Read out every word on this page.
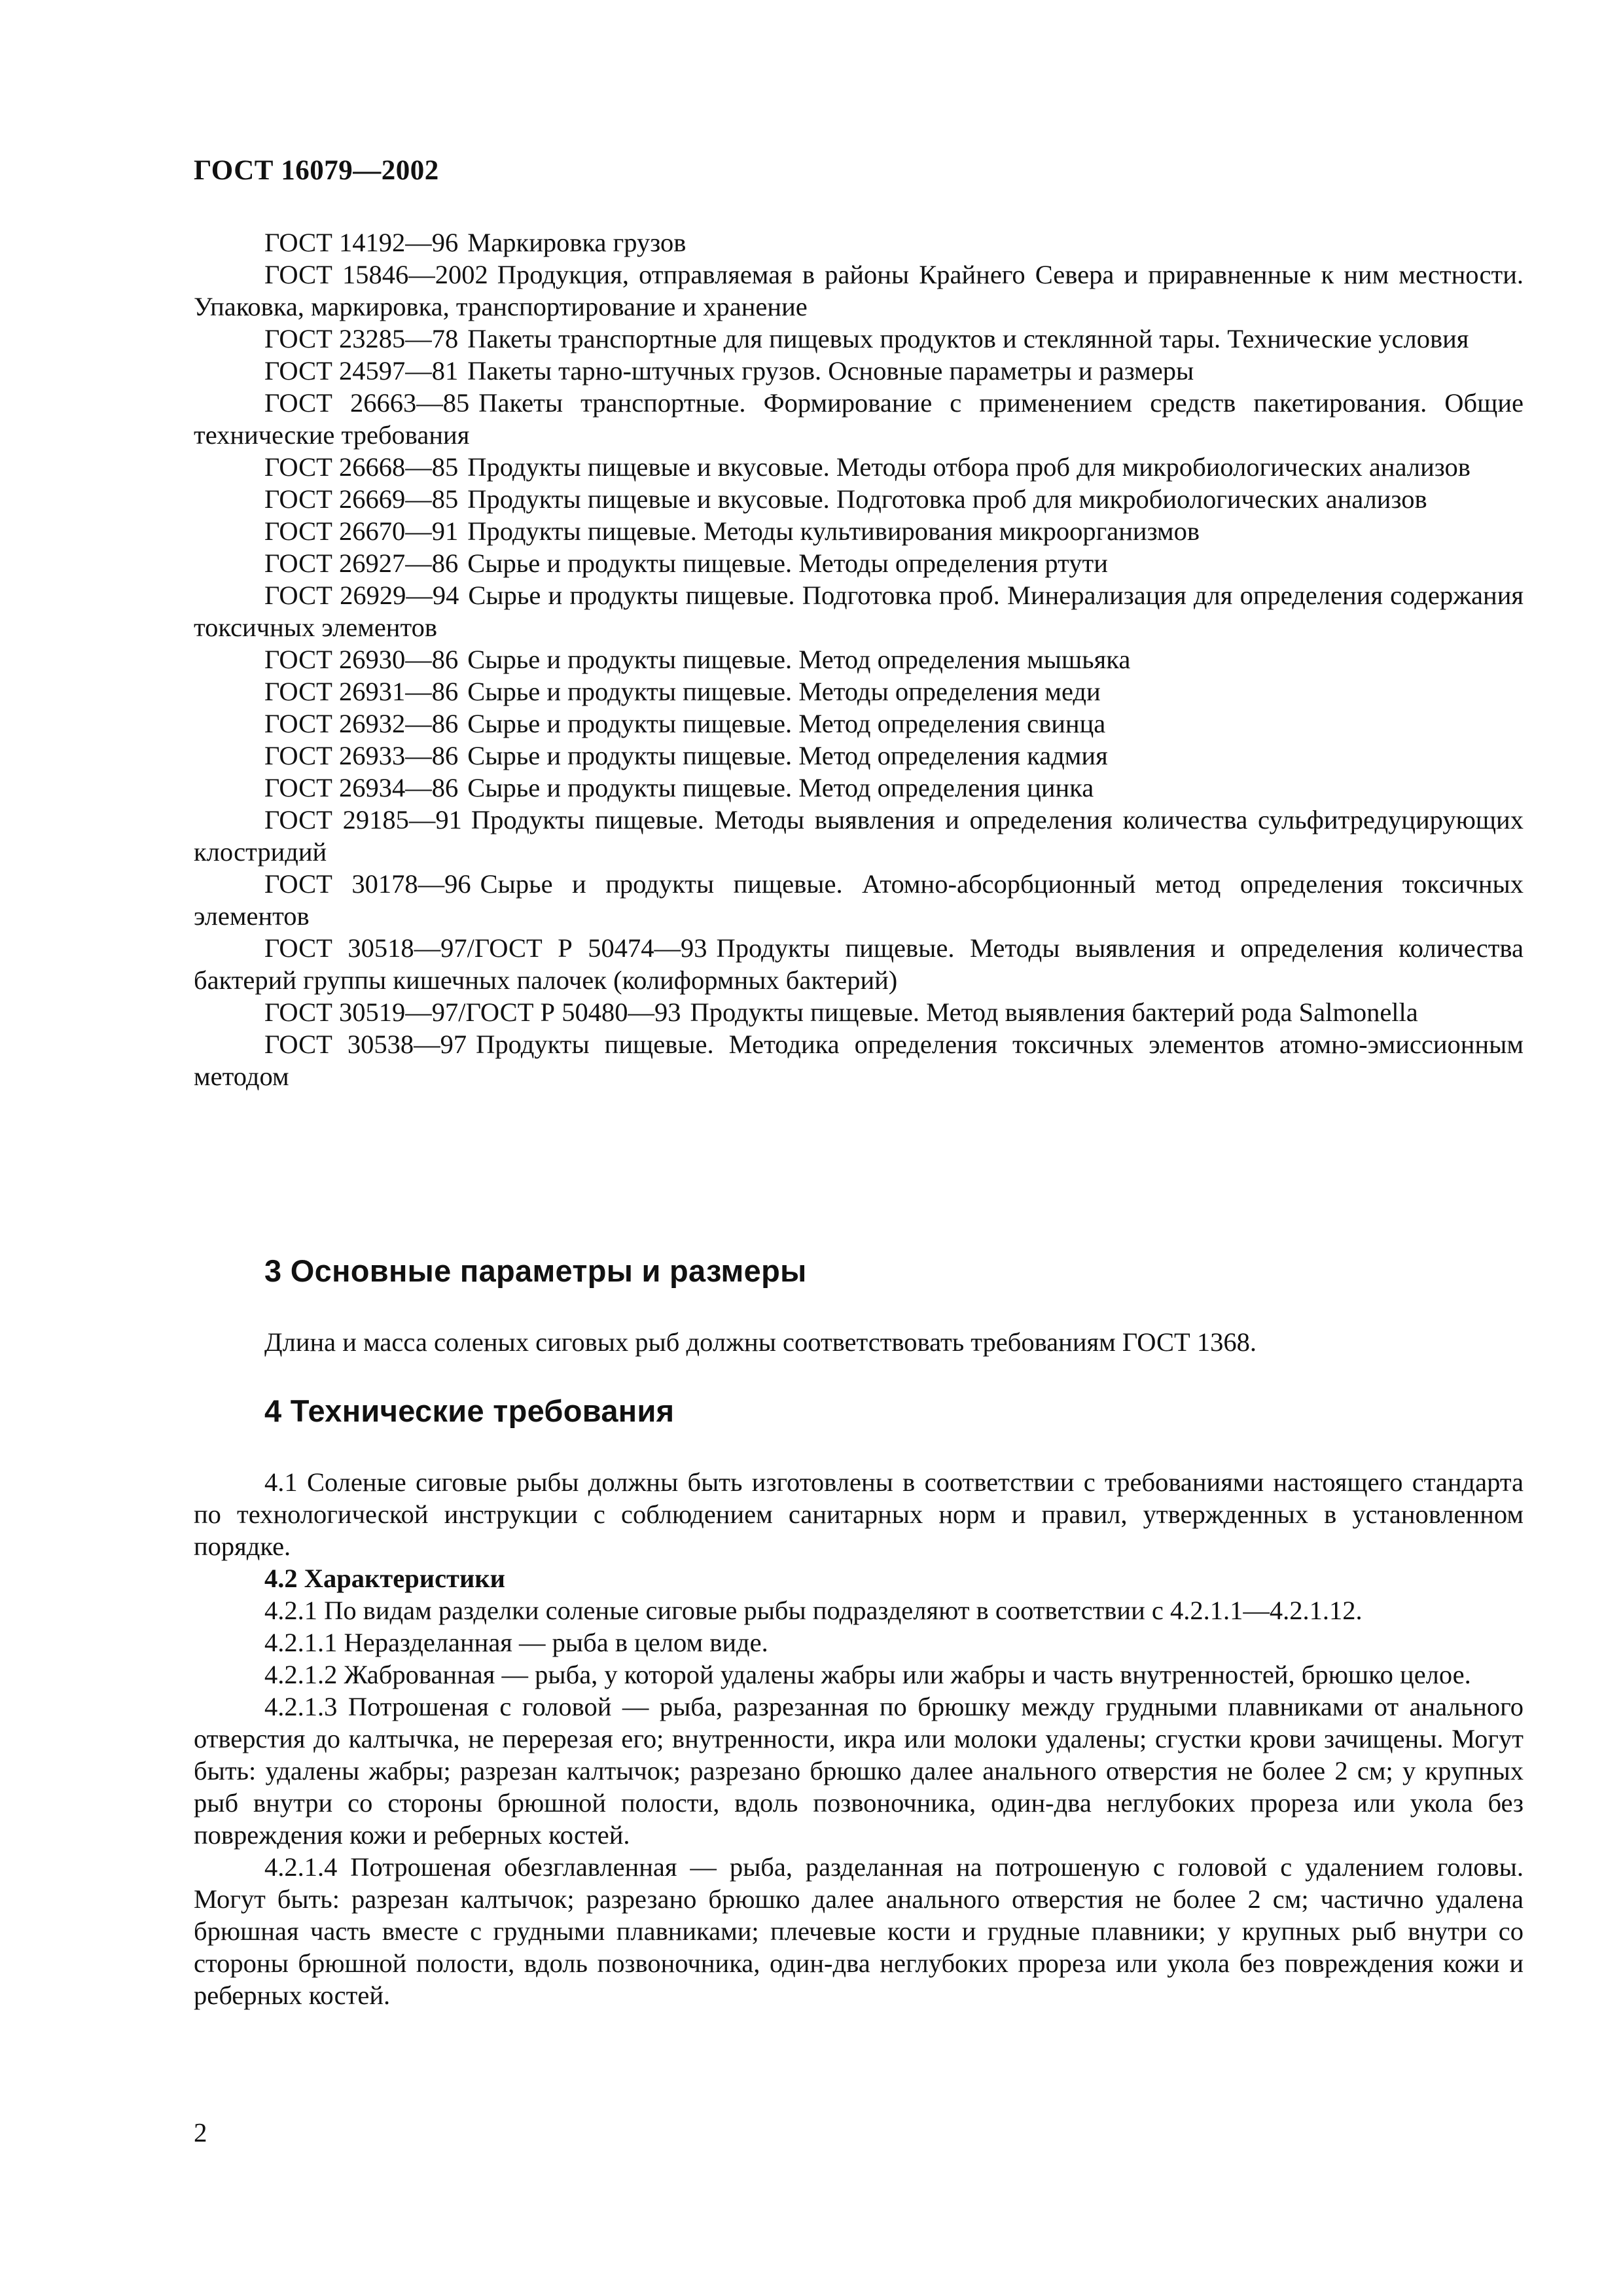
ГОСТ 16079—2002
ГОСТ 14192—96 Маркировка грузов
ГОСТ 15846—2002 Продукция, отправляемая в районы Крайнего Севера и приравненные к ним местности. Упаковка, маркировка, транспортирование и хранение
ГОСТ 23285—78 Пакеты транспортные для пищевых продуктов и стеклянной тары. Технические условия
ГОСТ 24597—81 Пакеты тарно-штучных грузов. Основные параметры и размеры
ГОСТ 26663—85 Пакеты транспортные. Формирование с применением средств пакетирования. Общие технические требования
ГОСТ 26668—85 Продукты пищевые и вкусовые. Методы отбора проб для микробиологических анализов
ГОСТ 26669—85 Продукты пищевые и вкусовые. Подготовка проб для микробиологических анализов
ГОСТ 26670—91 Продукты пищевые. Методы культивирования микроорганизмов
ГОСТ 26927—86 Сырье и продукты пищевые. Методы определения ртути
ГОСТ 26929—94 Сырье и продукты пищевые. Подготовка проб. Минерализация для определения содержания токсичных элементов
ГОСТ 26930—86 Сырье и продукты пищевые. Метод определения мышьяка
ГОСТ 26931—86 Сырье и продукты пищевые. Методы определения меди
ГОСТ 26932—86 Сырье и продукты пищевые. Метод определения свинца
ГОСТ 26933—86 Сырье и продукты пищевые. Метод определения кадмия
ГОСТ 26934—86 Сырье и продукты пищевые. Метод определения цинка
ГОСТ 29185—91 Продукты пищевые. Методы выявления и определения количества сульфитредуцирующих клостридий
ГОСТ 30178—96 Сырье и продукты пищевые. Атомно-абсорбционный метод определения токсичных элементов
ГОСТ 30518—97/ГОСТ Р 50474—93 Продукты пищевые. Методы выявления и определения количества бактерий группы кишечных палочек (колиформных бактерий)
ГОСТ 30519—97/ГОСТ Р 50480—93 Продукты пищевые. Метод выявления бактерий рода Salmonella
ГОСТ 30538—97 Продукты пищевые. Методика определения токсичных элементов атомно-эмиссионным методом
3 Основные параметры и размеры
Длина и масса соленых сиговых рыб должны соответствовать требованиям ГОСТ 1368.
4 Технические требования
4.1 Соленые сиговые рыбы должны быть изготовлены в соответствии с требованиями настоящего стандарта по технологической инструкции с соблюдением санитарных норм и правил, утвержденных в установленном порядке.
4.2 Характеристики
4.2.1 По видам разделки соленые сиговые рыбы подразделяют в соответствии с 4.2.1.1—4.2.1.12.
4.2.1.1 Неразделанная — рыба в целом виде.
4.2.1.2 Жаброванная — рыба, у которой удалены жабры или жабры и часть внутренностей, брюшко целое.
4.2.1.3 Потрошеная с головой — рыба, разрезанная по брюшку между грудными плавниками от анального отверстия до калтычка, не перерезая его; внутренности, икра или молоки удалены; сгустки крови зачищены. Могут быть: удалены жабры; разрезан калтычок; разрезано брюшко далее анального отверстия не более 2 см; у крупных рыб внутри со стороны брюшной полости, вдоль позвоночника, один-два неглубоких прореза или укола без повреждения кожи и реберных костей.
4.2.1.4 Потрошеная обезглавленная — рыба, разделанная на потрошеную с головой с удалением головы. Могут быть: разрезан калтычок; разрезано брюшко далее анального отверстия не более 2 см; частично удалена брюшная часть вместе с грудными плавниками; плечевые кости и грудные плавники; у крупных рыб внутри со стороны брюшной полости, вдоль позвоночника, один-два неглубоких прореза или укола без повреждения кожи и реберных костей.
2
